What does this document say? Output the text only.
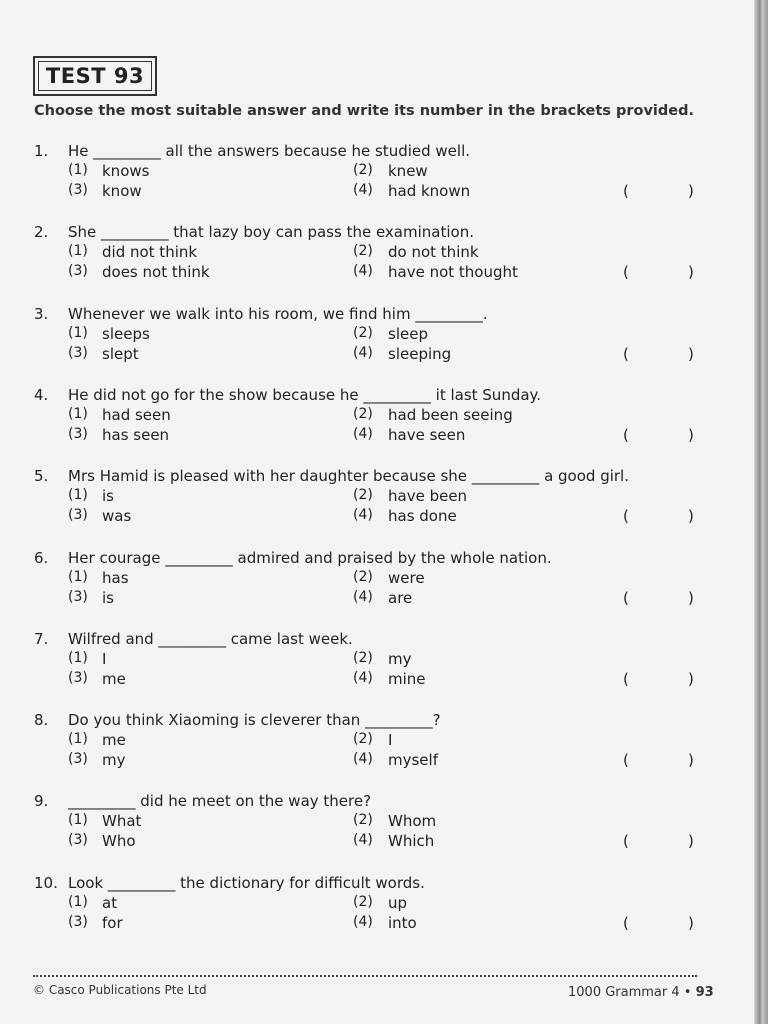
TEST 93
Choose the most suitable answer and write its number in the brackets provided.
1. He _________ all the answers because he studied well.
(1) knows	(2) knew
(3) know	(4) had known	(	)
2. She _________ that lazy boy can pass the examination.
(1) did not think	(2) do not think
(3) does not think	(4) have not thought	(	)
3. Whenever we walk into his room, we find him _________.
(1) sleeps	(2) sleep
(3) slept	(4) sleeping	(	)
4. He did not go for the show because he _________ it last Sunday.
(1) had seen	(2) had been seeing
(3) has seen	(4) have seen	(	)
5. Mrs Hamid is pleased with her daughter because she _________ a good girl.
(1) is	(2) have been
(3) was	(4) has done	(	)
6. Her courage _________ admired and praised by the whole nation.
(1) has	(2) were
(3) is	(4) are	(	)
7. Wilfred and _________ came last week.
(1) I	(2) my
(3) me	(4) mine	(	)
8. Do you think Xiaoming is cleverer than _________?
(1) me	(2) I
(3) my	(4) myself	(	)
9. _________ did he meet on the way there?
(1) What	(2) Whom
(3) Who	(4) Which	(	)
10. Look _________ the dictionary for difficult words.
(1) at	(2) up
(3) for	(4) into	(	)
© Casco Publications Pte Ltd	1000 Grammar 4 • 93
